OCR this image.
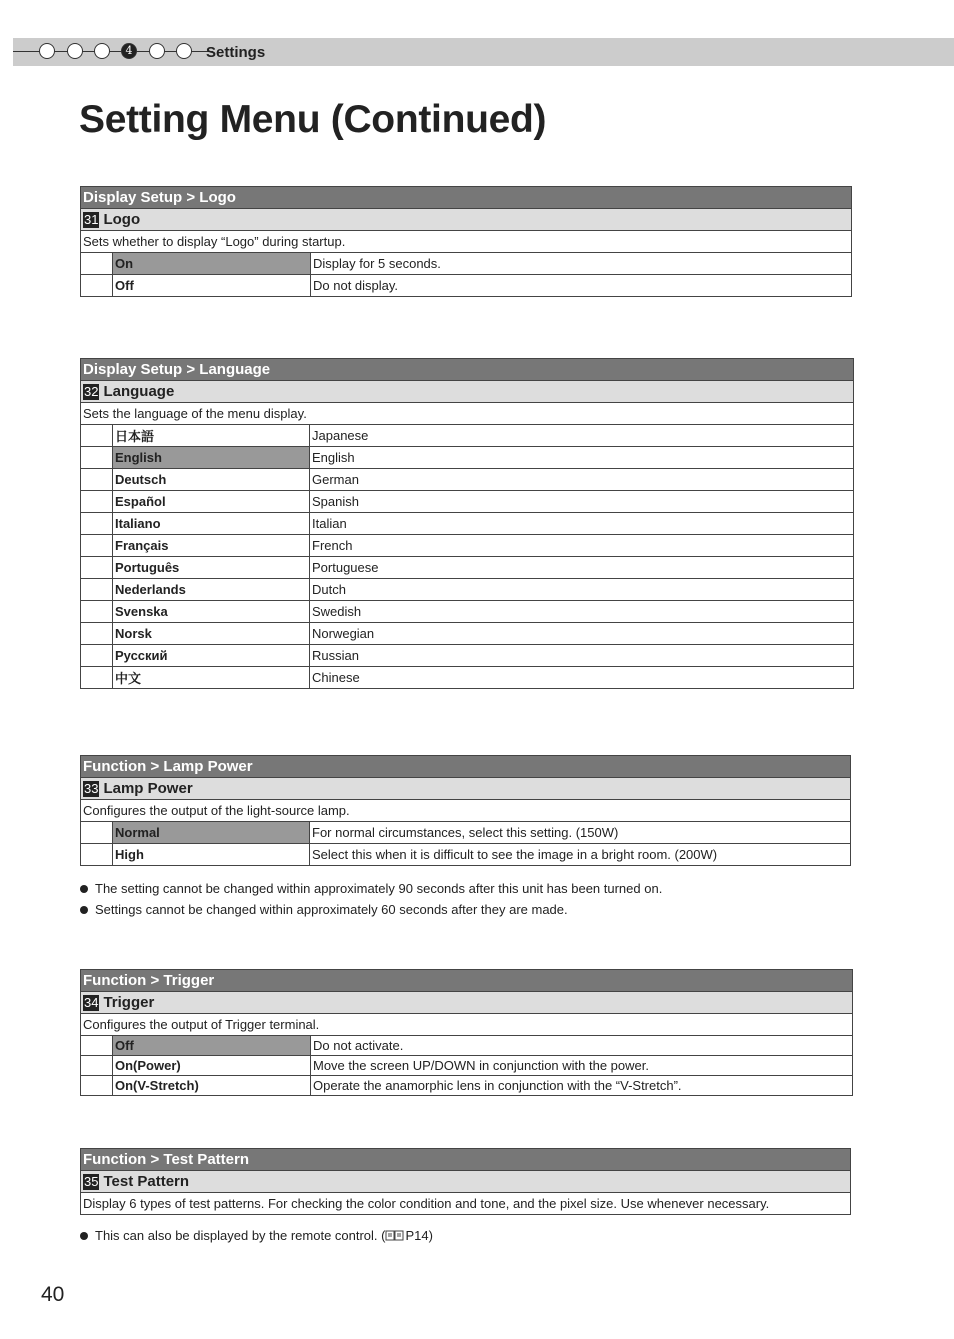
4	Settings
Setting Menu (Continued)
Display Setup > Logo		
31 Logo		
Sets whether to display “Logo” during startup.		
	On	Display for 5 seconds.
	Off	Do not display.
Display Setup > Language		
32 Language		
Sets the language of the menu display.		
	日本語	Japanese
	English	English
	Deutsch	German
	Español	Spanish
	Italiano	Italian
	Français	French
	Português	Portuguese
	Nederlands	Dutch
	Svenska	Swedish
	Norsk	Norwegian
	Русский	Russian
	中文	Chinese
Function > Lamp Power		
33 Lamp Power		
Configures the output of the light-source lamp.		
	Normal	For normal circumstances, select this setting. (150W)
	High	Select this when it is difficult to see the image in a bright room. (200W)
The setting cannot be changed within approximately 90 seconds after this unit has been turned on.
Settings cannot be changed within approximately 60 seconds after they are made.
Function > Trigger		
34 Trigger		
Configures the output of Trigger terminal.		
	Off	Do not activate.
	On(Power)	Move the screen UP/DOWN in conjunction with the power.
	On(V-Stretch)	Operate the anamorphic lens in conjunction with the “V-Stretch”.
Function > Test Pattern
35 Test Pattern
Display 6 types of test patterns. For checking the color condition and tone, and the pixel size. Use whenever necessary.
This can also be displayed by the remote control. ( P14)
40
